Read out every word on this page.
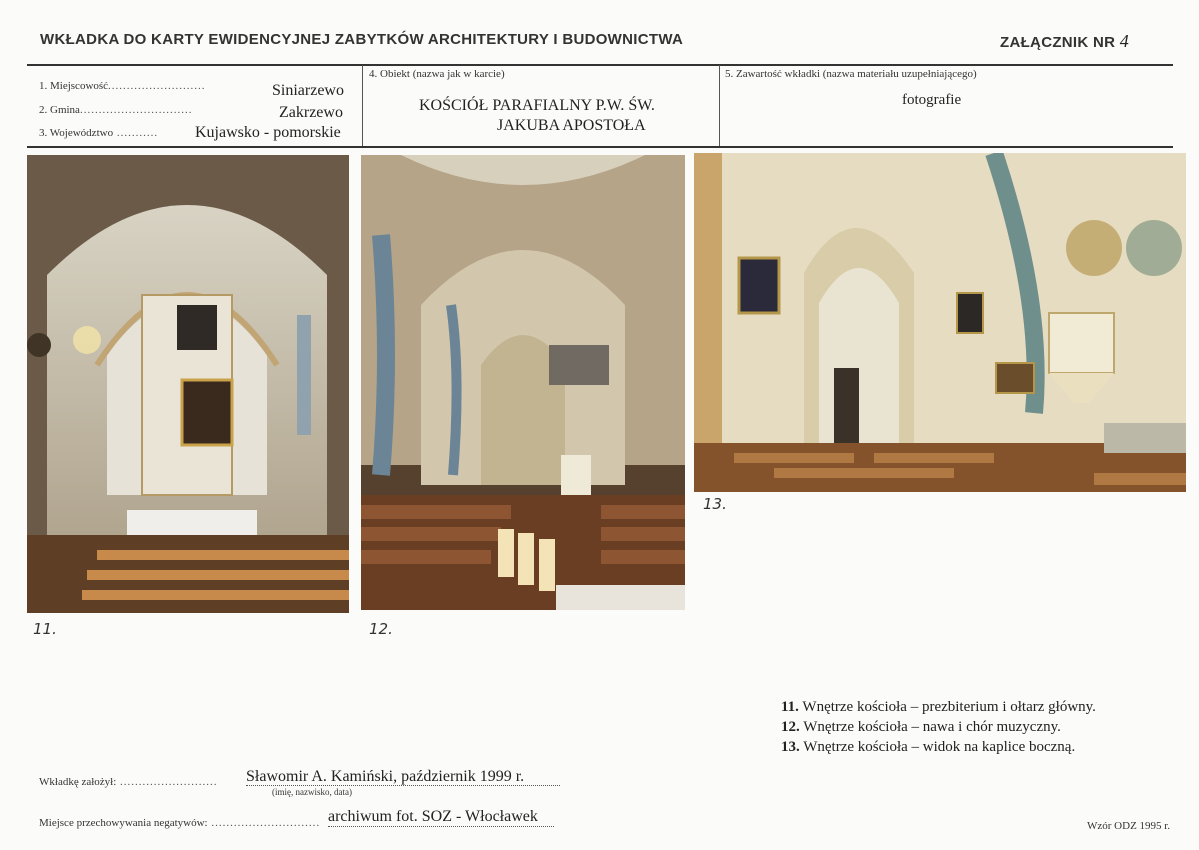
WKŁADKA DO KARTY EWIDENCYJNEJ ZABYTKÓW ARCHITEKTURY I BUDOWNICTWA	ZAŁĄCZNIK NR 4
1. Miejscowość..........................	Siniarzewo
2. Gmina..............................	Zakrzewo
3. Województwo ........... Kujawsko - pomorskie
4. Obiekt (nazwa jak w karcie)
KOŚCIÓŁ PARAFIALNY P.W. ŚW.
JAKUBA APOSTOŁA
5. Zawartość wkładki (nazwa materiału uzupełniającego)
fotografie
11.	12.
13.
11. Wnętrze kościoła – prezbiterium i ołtarz główny.
12. Wnętrze kościoła – nawa i chór muzyczny.
13. Wnętrze kościoła – widok na kaplice boczną.
Wkładkę założył: .......................... Sławomir A. Kamiński, październik 1999 r.
(imię, nazwisko, data)
Miejsce przechowywania negatywów: ............................. archiwum fot. SOZ - Włocławek
Wzór ODZ 1995 r.
